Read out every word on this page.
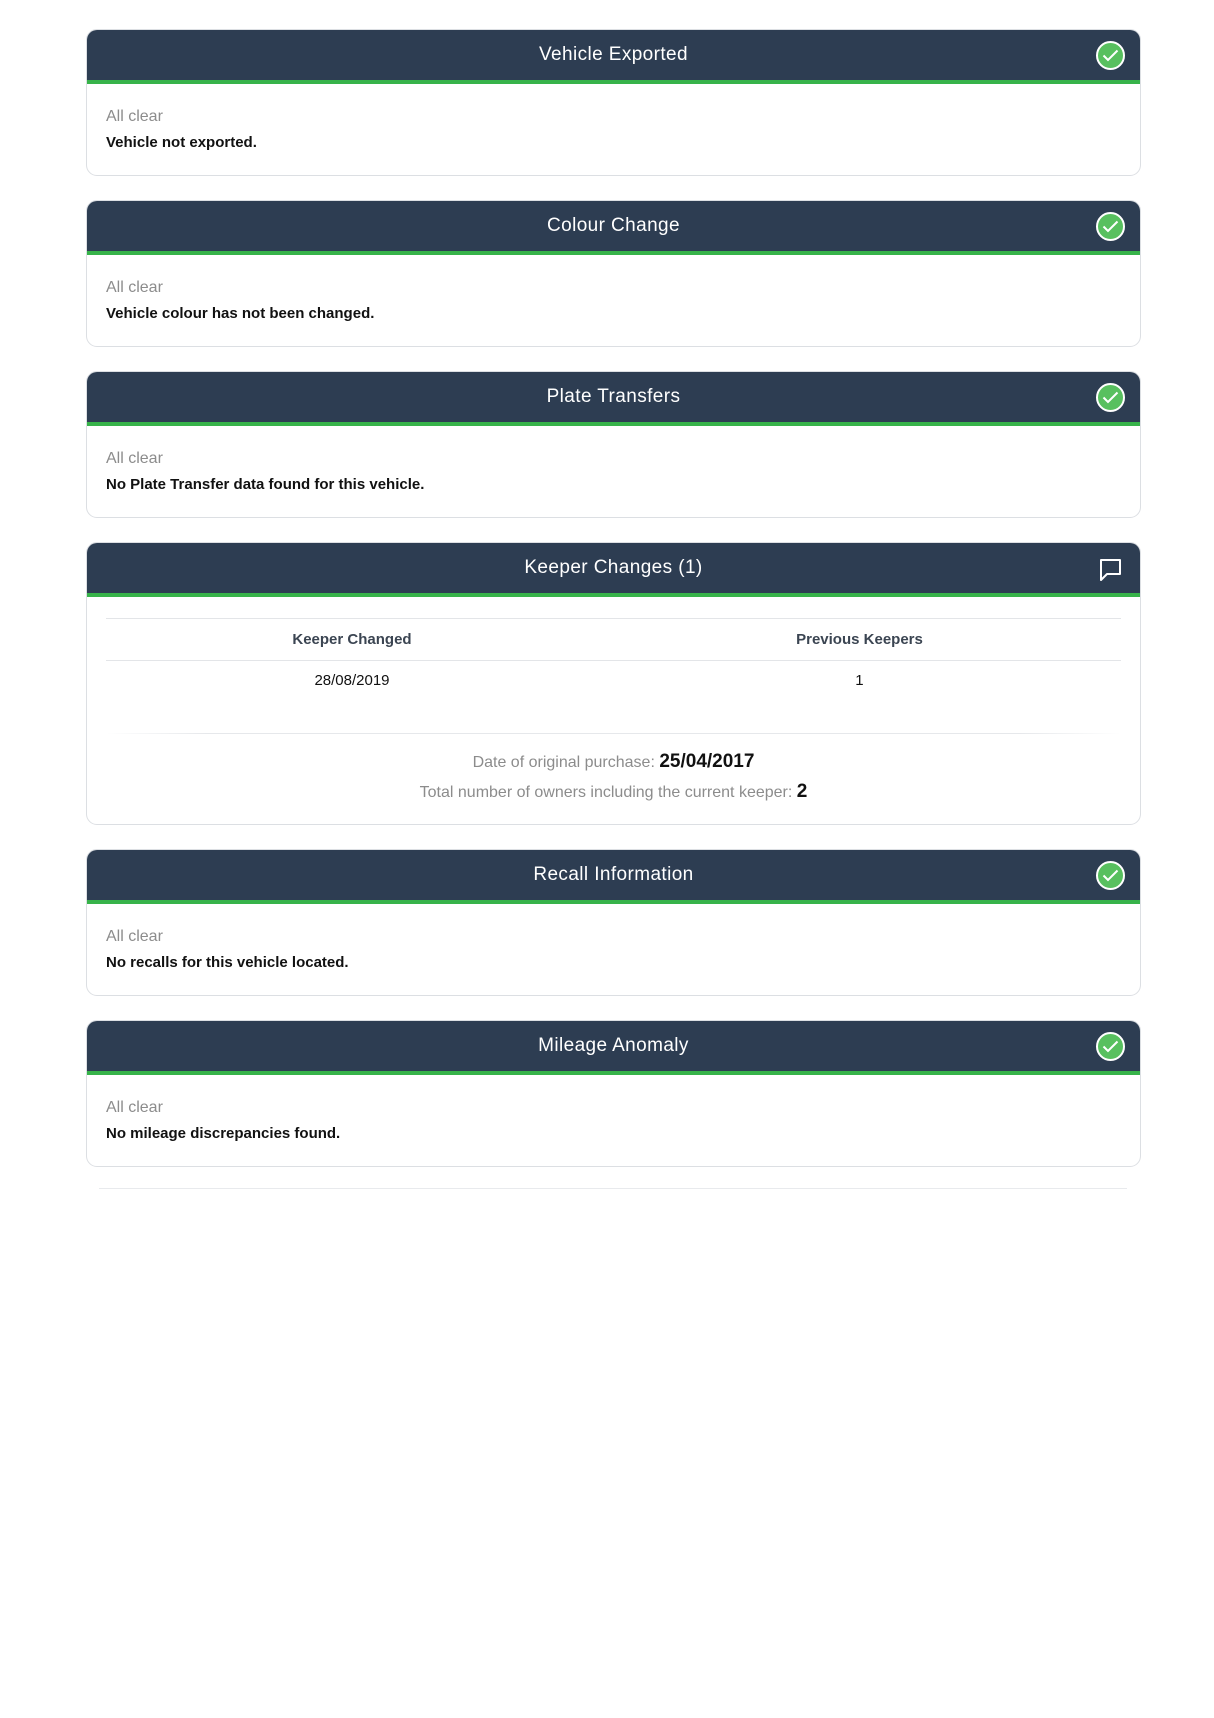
Vehicle Exported
All clear
Vehicle not exported.
Colour Change
All clear
Vehicle colour has not been changed.
Plate Transfers
All clear
No Plate Transfer data found for this vehicle.
Keeper Changes (1)
Keeper Changed	Previous Keepers
28/08/2019	1
Date of original purchase: 25/04/2017
Total number of owners including the current keeper: 2
Recall Information
All clear
No recalls for this vehicle located.
Mileage Anomaly
All clear
No mileage discrepancies found.
